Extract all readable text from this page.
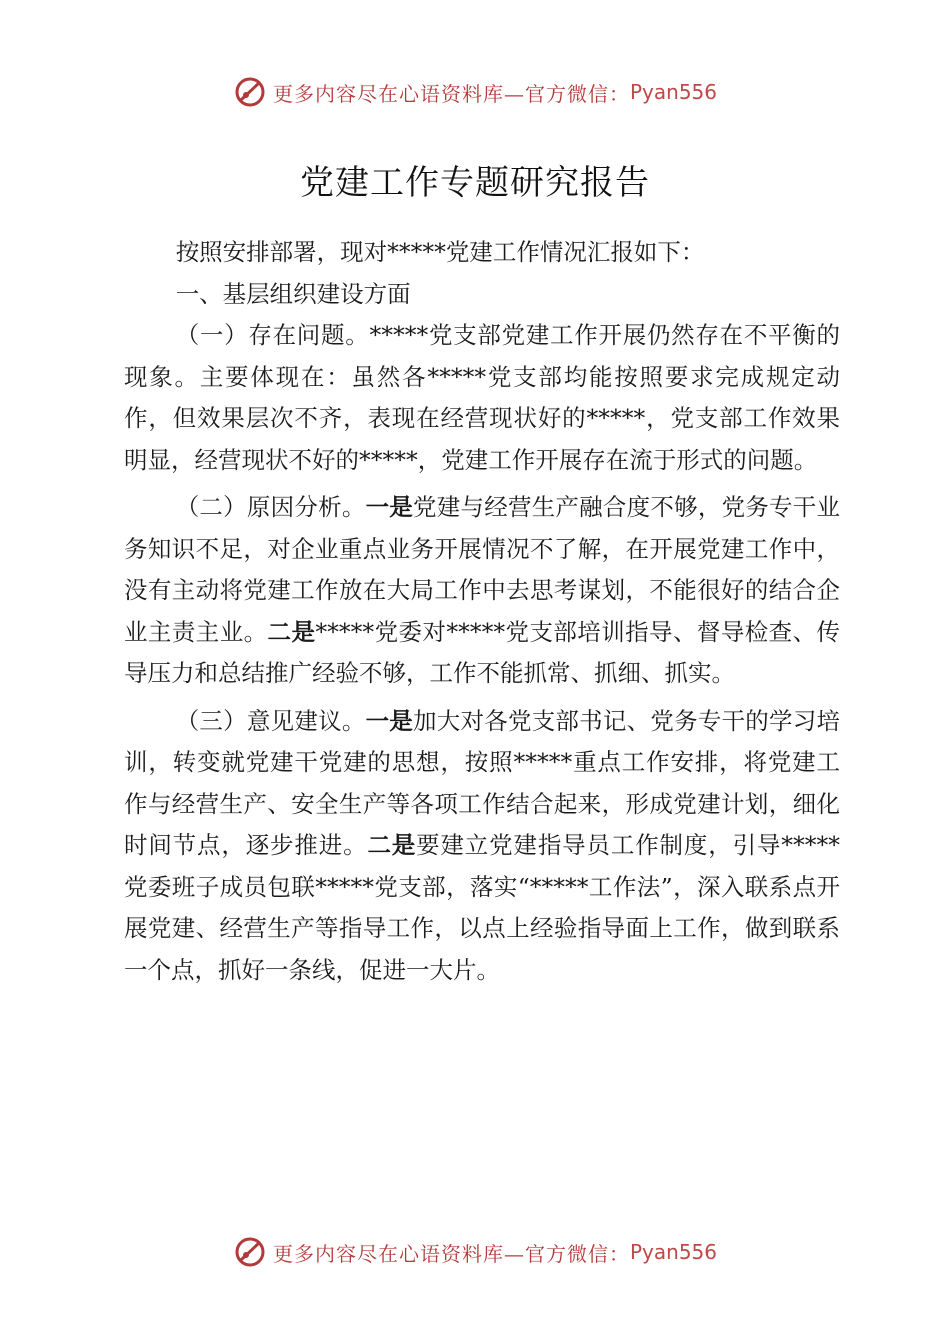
更多内容尽在心语资料库—官方微信： Pyan556
党建工作专题研究报告

按照安排部署，现对*****党建工作情况汇报如下：

一、基层组织建设方面

（一）存在问题。*****党支部党建工作开展仍然存在不平衡的现象。主要体现在：虽然各*****党支部均能按照要求完成规定动作，但效果层次不齐，表现在经营现状好的*****，党支部工作效果明显，经营现状不好的*****，党建工作开展存在流于形式的问题。

（二）原因分析。一是党建与经营生产融合度不够，党务专干业务知识不足，对企业重点业务开展情况不了解，在开展党建工作中，没有主动将党建工作放在大局工作中去思考谋划，不能很好的结合企业主责主业。二是*****党委对*****党支部培训指导、督导检查、传导压力和总结推广经验不够，工作不能抓常、抓细、抓实。

（三）意见建议。一是加大对各党支部书记、党务专干的学习培训，转变就党建干党建的思想，按照*****重点工作安排，将党建工作与经营生产、安全生产等各项工作结合起来，形成党建计划，细化时间节点，逐步推进。二是要建立党建指导员工作制度，引导*****党委班子成员包联*****党支部，落实“*****工作法”，深入联系点开展党建、经营生产等指导工作，以点上经验指导面上工作，做到联系一个点，抓好一条线，促进一大片。

更多内容尽在心语资料库—官方微信： Pyan556
